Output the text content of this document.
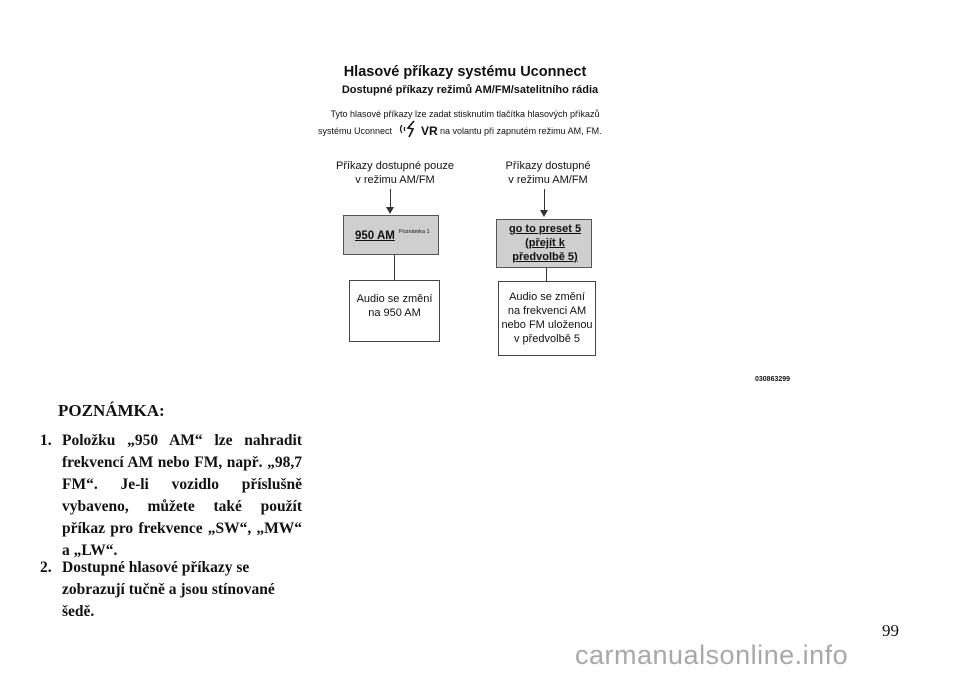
Hlasové příkazy systému Uconnect
Dostupné příkazy režimů AM/FM/satelitního rádia
Tyto hlasové příkazy lze zadat stisknutím tlačítka hlasových příkazů
systému Uconnect VR na volantu při zapnutém režimu AM, FM.
Příkazy dostupné pouze
v režimu AM/FM
950 AM Poznámka 1
Audio se změní
na 950 AM
Příkazy dostupné
v režimu AM/FM
go to preset 5
(přejít k
předvolbě 5)
Audio se změní
na frekvenci AM
nebo FM uloženou
v předvolbě 5
030863299
POZNÁMKA:
1. Položku „950 AM“ lze nahradit frekvencí AM nebo FM, např. „98,7 FM“. Je-li vozidlo příslušně vybaveno, můžete také použít příkaz pro frekvence „SW“, „MW“ a „LW“.
2. Dostupné hlasové příkazy se zobrazují tučně a jsou stínované šedě.
99
carmanualsonline.info
